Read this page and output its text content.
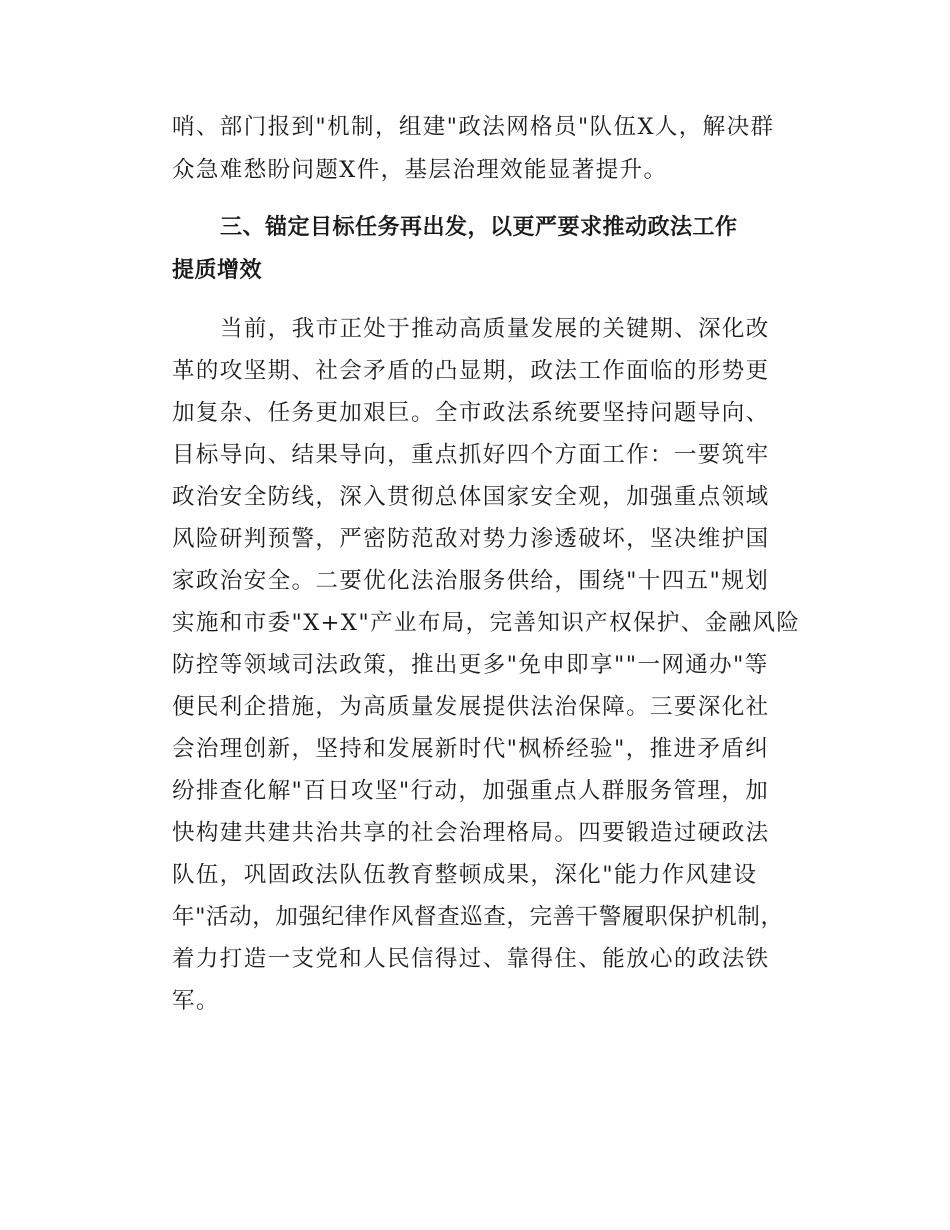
哨、部门报到"机制，组建"政法网格员"队伍X人，解决群
众急难愁盼问题X件，基层治理效能显著提升。
三、锚定目标任务再出发，以更严要求推动政法工作
提质增效
当前，我市正处于推动高质量发展的关键期、深化改
革的攻坚期、社会矛盾的凸显期，政法工作面临的形势更
加复杂、任务更加艰巨。全市政法系统要坚持问题导向、
目标导向、结果导向，重点抓好四个方面工作：一要筑牢
政治安全防线，深入贯彻总体国家安全观，加强重点领域
风险研判预警，严密防范敌对势力渗透破坏，坚决维护国
家政治安全。二要优化法治服务供给，围绕"十四五"规划
实施和市委"X+X"产业布局，完善知识产权保护、金融风险
防控等领域司法政策，推出更多"免申即享""一网通办"等
便民利企措施，为高质量发展提供法治保障。三要深化社
会治理创新，坚持和发展新时代"枫桥经验"，推进矛盾纠
纷排查化解"百日攻坚"行动，加强重点人群服务管理，加
快构建共建共治共享的社会治理格局。四要锻造过硬政法
队伍，巩固政法队伍教育整顿成果，深化"能力作风建设
年"活动，加强纪律作风督查巡查，完善干警履职保护机制，
着力打造一支党和人民信得过、靠得住、能放心的政法铁
军。
